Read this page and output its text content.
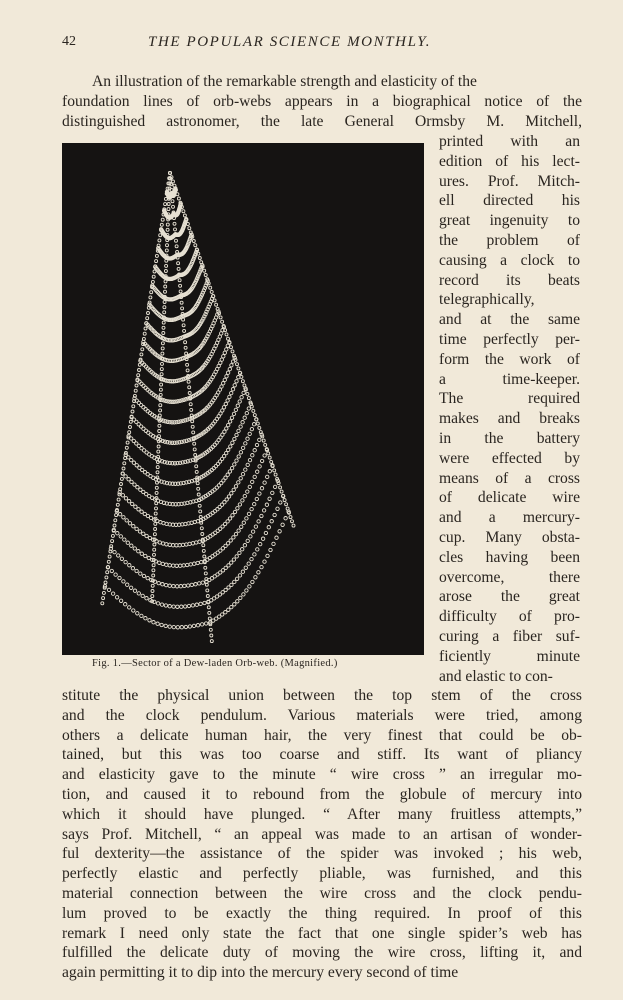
42	THE POPULAR SCIENCE MONTHLY.
An illustration of the remarkable strength and elasticity of the
foundation lines of orb-webs appears in a biographical notice of the
distinguished astronomer, the late General Ormsby M. Mitchell,
Fig. 1.—Sector of a Dew-laden Orb-web. (Magnified.)
printed with an
edition of his lect-
ures. Prof. Mitch-
ell directed his
great ingenuity to
the problem of
causing a clock to
record its beats
telegraphically,
and at the same
time perfectly per-
form the work of
a time-keeper.
The required
makes and breaks
in the battery
were effected by
means of a cross
of delicate wire
and a mercury-
cup. Many obsta-
cles having been
overcome, there
arose the great
difficulty of pro-
curing a fiber suf-
ficiently minute
and elastic to con-
stitute the physical union between the top stem of the cross
and the clock pendulum. Various materials were tried, among
others a delicate human hair, the very finest that could be ob-
tained, but this was too coarse and stiff. Its want of pliancy
and elasticity gave to the minute “ wire cross ” an irregular mo-
tion, and caused it to rebound from the globule of mercury into
which it should have plunged. “ After many fruitless attempts,”
says Prof. Mitchell, “ an appeal was made to an artisan of wonder-
ful dexterity—the assistance of the spider was invoked ; his web,
perfectly elastic and perfectly pliable, was furnished, and this
material connection between the wire cross and the clock pendu-
lum proved to be exactly the thing required. In proof of this
remark I need only state the fact that one single spider’s web has
fulfilled the delicate duty of moving the wire cross, lifting it, and
again permitting it to dip into the mercury every second of time
